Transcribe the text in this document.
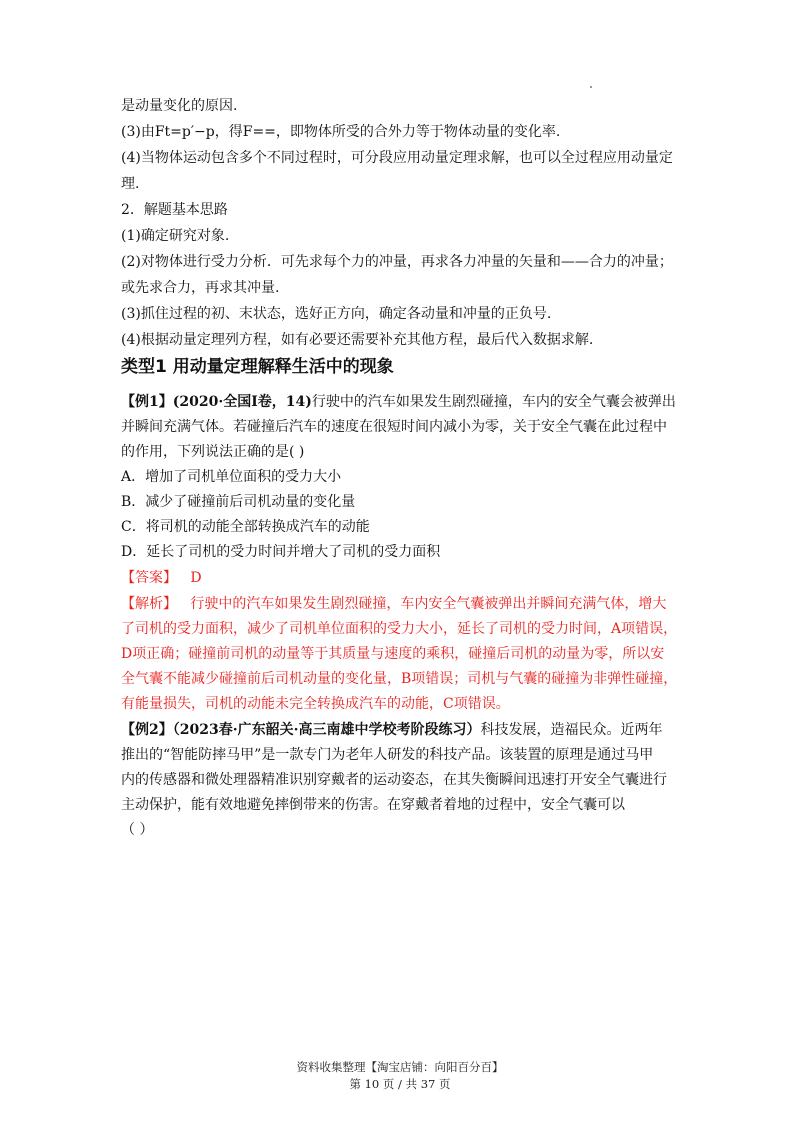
是动量变化的原因.
(3)由Ft=p′−p，得F==，即物体所受的合外力等于物体动量的变化率.
(4)当物体运动包含多个不同过程时，可分段应用动量定理求解，也可以全过程应用动量定
理.
2．解题基本思路
(1)确定研究对象.
(2)对物体进行受力分析．可先求每个力的冲量，再求各力冲量的矢量和——合力的冲量；
或先求合力，再求其冲量.
(3)抓住过程的初、末状态，选好正方向，确定各动量和冲量的正负号.
(4)根据动量定理列方程，如有必要还需要补充其他方程，最后代入数据求解.
类型1 用动量定理解释生活中的现象
【例1】(2020·全国Ⅰ卷，14)行驶中的汽车如果发生剧烈碰撞，车内的安全气囊会被弹出
并瞬间充满气体。若碰撞后汽车的速度在很短时间内减小为零，关于安全气囊在此过程中
的作用，下列说法正确的是( )
A．增加了司机单位面积的受力大小
B．减少了碰撞前后司机动量的变化量
C．将司机的动能全部转换成汽车的动能
D．延长了司机的受力时间并增大了司机的受力面积
【答案】 D
【解析】 行驶中的汽车如果发生剧烈碰撞，车内安全气囊被弹出并瞬间充满气体，增大
了司机的受力面积，减少了司机单位面积的受力大小，延长了司机的受力时间，A项错误，
D项正确；碰撞前司机的动量等于其质量与速度的乘积，碰撞后司机的动量为零，所以安
全气囊不能减少碰撞前后司机动量的变化量，B项错误；司机与气囊的碰撞为非弹性碰撞，
有能量损失，司机的动能未完全转换成汽车的动能，C项错误。
【例2】（2023春·广东韶关·高三南雄中学校考阶段练习）科技发展，造福民众。近两年
推出的“智能防摔马甲”是一款专门为老年人研发的科技产品。该装置的原理是通过马甲
内的传感器和微处理器精准识别穿戴者的运动姿态，在其失衡瞬间迅速打开安全气囊进行
主动保护，能有效地避免摔倒带来的伤害。在穿戴者着地的过程中，安全气囊可以
（ ）
资料收集整理【淘宝店铺：向阳百分百】
第 10 页 / 共 37 页
